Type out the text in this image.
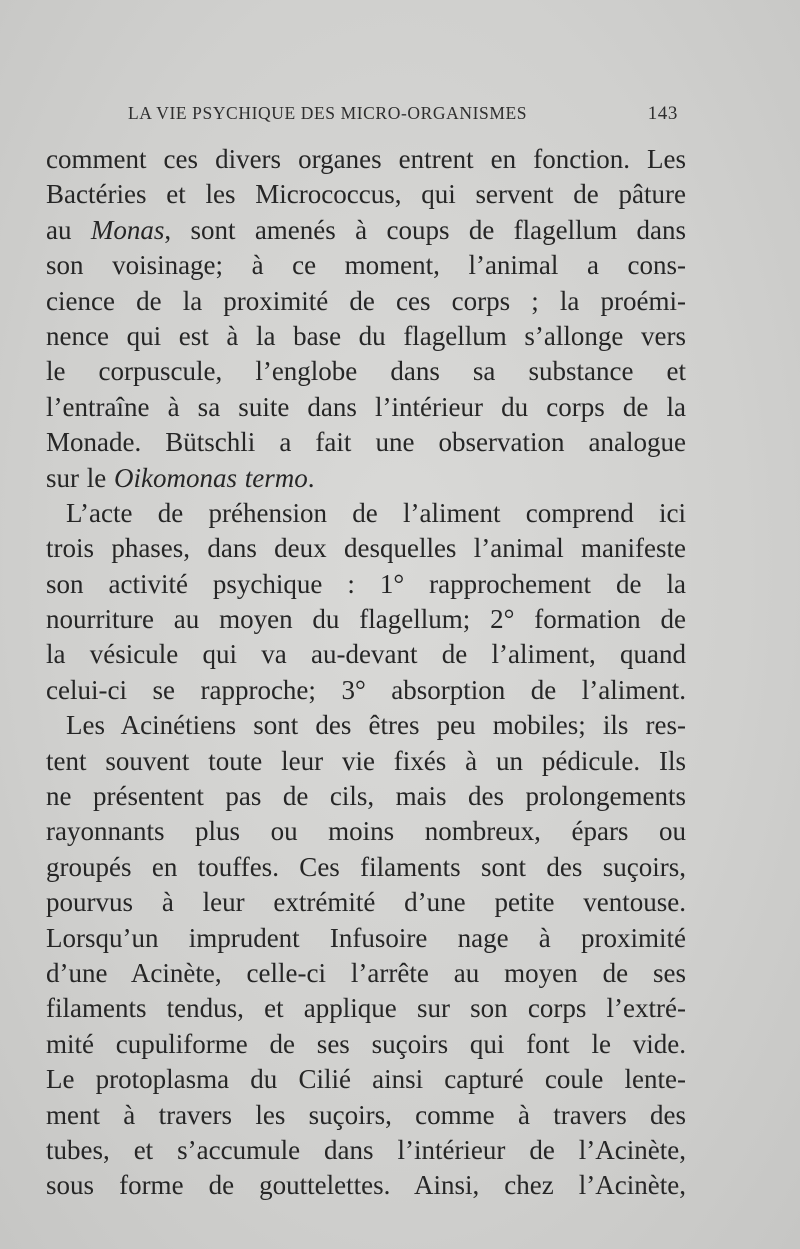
LA VIE PSYCHIQUE DES MICRO-ORGANISMES	143
comment ces divers organes entrent en fonction. Les
Bactéries et les Micrococcus, qui servent de pâture
au Monas, sont amenés à coups de flagellum dans
son voisinage; à ce moment, l’animal a cons-
cience de la proximité de ces corps ; la proémi-
nence qui est à la base du flagellum s’allonge vers
le corpuscule, l’englobe dans sa substance et
l’entraîne à sa suite dans l’intérieur du corps de la
Monade. Bütschli a fait une observation analogue
sur le Oikomonas termo.
L’acte de préhension de l’aliment comprend ici
trois phases, dans deux desquelles l’animal manifeste
son activité psychique : 1° rapprochement de la
nourriture au moyen du flagellum; 2° formation de
la vésicule qui va au-devant de l’aliment, quand
celui-ci se rapproche; 3° absorption de l’aliment.
Les Acinétiens sont des êtres peu mobiles; ils res-
tent souvent toute leur vie fixés à un pédicule. Ils
ne présentent pas de cils, mais des prolongements
rayonnants plus ou moins nombreux, épars ou
groupés en touffes. Ces filaments sont des suçoirs,
pourvus à leur extrémité d’une petite ventouse.
Lorsqu’un imprudent Infusoire nage à proximité
d’une Acinète, celle-ci l’arrête au moyen de ses
filaments tendus, et applique sur son corps l’extré-
mité cupuliforme de ses suçoirs qui font le vide.
Le protoplasma du Cilié ainsi capturé coule lente-
ment à travers les suçoirs, comme à travers des
tubes, et s’accumule dans l’intérieur de l’Acinète,
sous forme de gouttelettes. Ainsi, chez l’Acinète,
